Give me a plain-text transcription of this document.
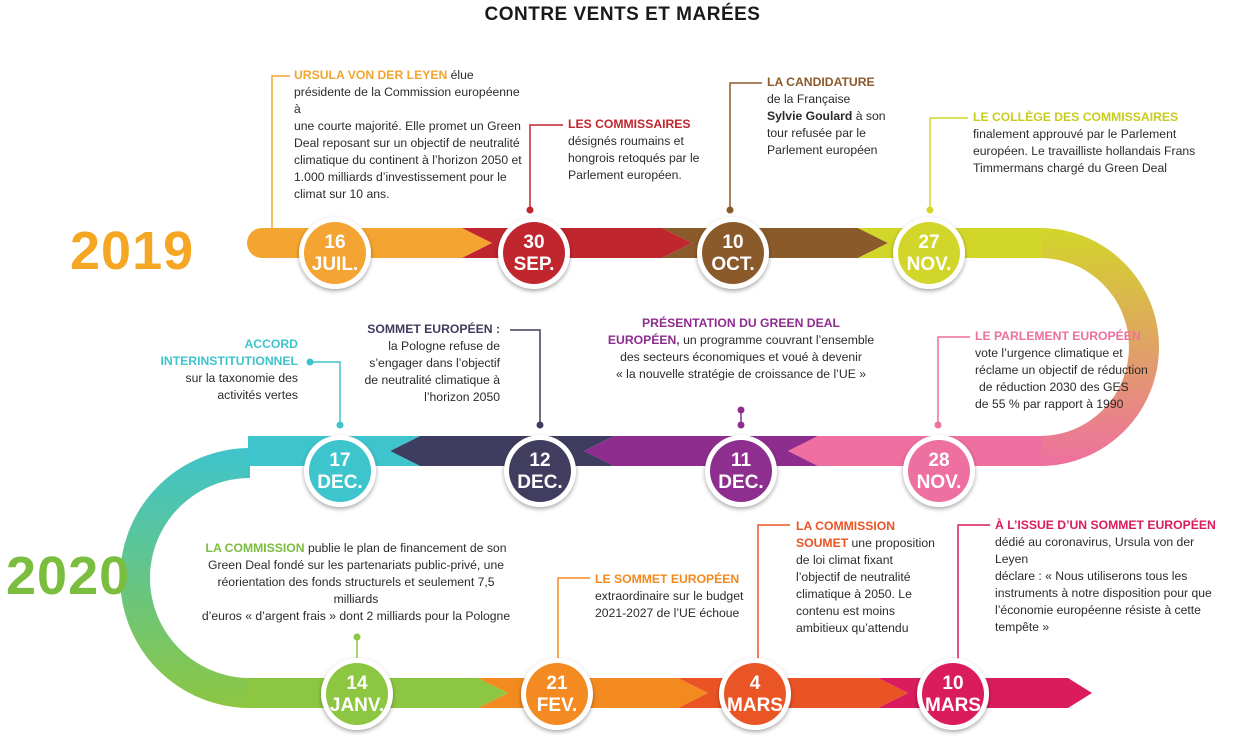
CONTRE VENTS ET MARÉES
16
JUIL.
30
SEP.
10
OCT.
27
NOV.
28
NOV.
11
DEC.
12
DEC.
17
DEC.
14
JANV.
21
FEV.
4
MARS
10
MARS
2019
2020
URSULA VON DER LEYEN élue
présidente de la Commission européenne à
une courte majorité. Elle promet un Green
Deal reposant sur un objectif de neutralité
climatique du continent à l’horizon 2050 et
1.000 milliards d’investissement pour le
climat sur 10 ans.
LES COMMISSAIRES
désignés roumains et
hongrois retoqués par le
Parlement européen.
LA CANDIDATURE
de la Française
Sylvie Goulard à son
tour refusée par le
Parlement européen
LE COLLÈGE DES COMMISSAIRES
finalement approuvé par le Parlement
européen. Le travailliste hollandais Frans
Timmermans chargé du Green Deal
LE PARLEMENT EUROPÉEN
vote l’urgence climatique et
réclame un objectif de réduction
de réduction 2030 des GES
de 55 % par rapport à 1990
PRÉSENTATION DU GREEN DEAL
EUROPÉEN, un programme couvrant l’ensemble
des secteurs économiques et voué à devenir
« la nouvelle stratégie de croissance de l’UE »
SOMMET EUROPÉEN :
la Pologne refuse de
s’engager dans l’objectif
de neutralité climatique à
l’horizon 2050
ACCORD
INTERINSTITUTIONNEL
sur la taxonomie des
activités vertes
LA COMMISSION publie le plan de financement de son
Green Deal fondé sur les partenariats public-privé, une
réorientation des fonds structurels et seulement 7,5 milliards
d’euros « d’argent frais » dont 2 milliards pour la Pologne
LE SOMMET EUROPÉEN
extraordinaire sur le budget
2021-2027 de l’UE échoue
LA COMMISSION
SOUMET une proposition
de loi climat fixant
l’objectif de neutralité
climatique à 2050. Le
contenu est moins
ambitieux qu’attendu
À L’ISSUE D’UN SOMMET EUROPÉEN
dédié au coronavirus, Ursula von der Leyen
déclare : « Nous utiliserons tous les
instruments à notre disposition pour que
l’économie européenne résiste à cette
tempête »
